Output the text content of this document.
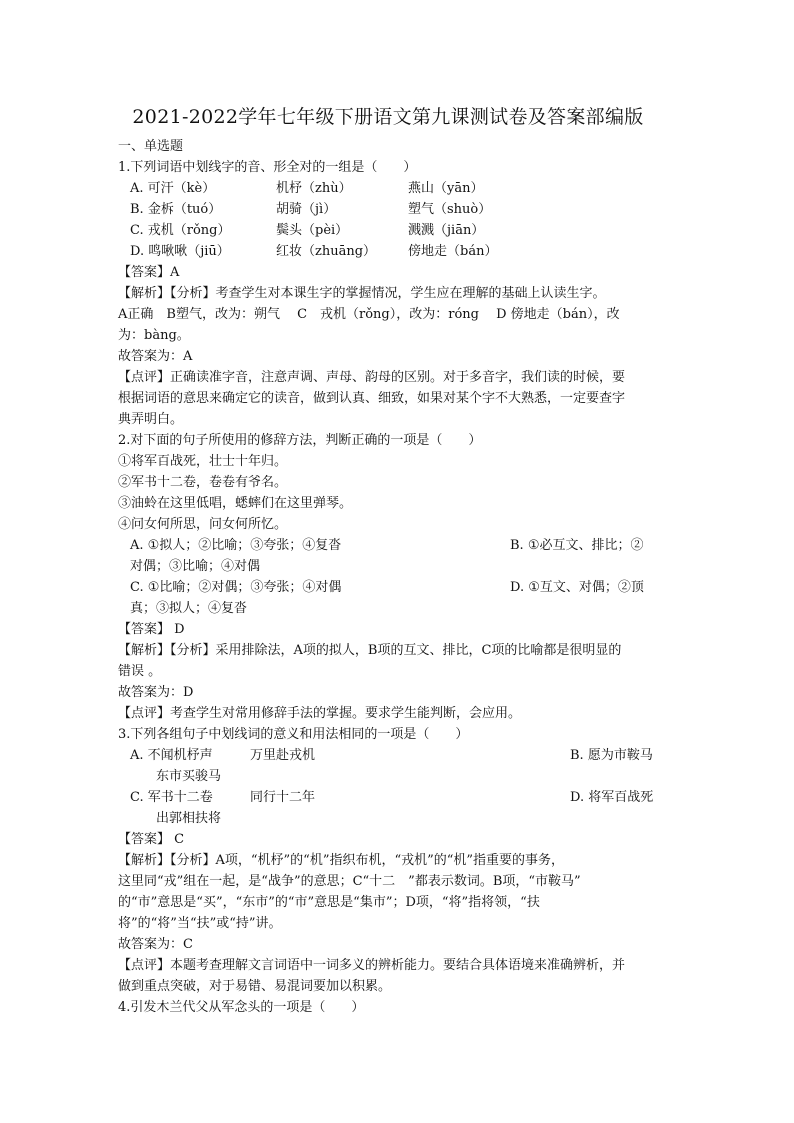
2021-2022学年七年级下册语文第九课测试卷及答案部编版
一、单选题
1.下列词语中划线字的音、形全对的一组是（　　）
A. 可汗（kè）	机杼（zhù）	燕山（yān）
B. 金柝（tuó）	胡骑（jì）	塑气（shuò）
C. 戎机（rǒng）	鬓头（pèi）	溅溅（jiān）
D. 鸣啾啾（jiū）	红妆（zhuāng）	傍地走（bán）
【答案】A
【解析】【分析】考查学生对本课生字的掌握情况，学生应在理解的基础上认读生字。
A正确　B塑气，改为：朔气　 C　戎机（rǒng），改为：róng　 D 傍地走（bán），改
为：bàng。
故答案为：A
【点评】正确读准字音，注意声调、声母、韵母的区别。对于多音字，我们读的时候，要
根据词语的意思来确定它的读音，做到认真、细致，如果对某个字不大熟悉，一定要查字
典弄明白。
2.对下面的句子所使用的修辞方法，判断正确的一项是（　　）
①将军百战死，壮士十年归。
②军书十二卷，卷卷有爷名。
③油蛉在这里低唱，蟋蟀们在这里弹琴。
④问女何所思，问女何所忆。
A. ①拟人；②比喻；③夸张；④复沓	B. ①必互文、排比；②
对偶；③比喻；④对偶
C. ①比喻；②对偶；③夸张；④对偶	D. ①互文、对偶；②顶
真；③拟人；④复沓
【答案】 D
【解析】【分析】采用排除法，A项的拟人，B项的互文、排比，C项的比喻都是很明显的
错误 。
故答案为：D
【点评】考查学生对常用修辞手法的掌握。要求学生能判断，会应用。
3.下列各组句子中划线词的意义和用法相同的一项是（　　）
A. 不闻机杼声	万里赴戎机	B. 愿为市鞍马
东市买骏马
C. 军书十二卷	同行十二年	D. 将军百战死
出郭相扶将
【答案】 C
【解析】【分析】A项，“机杼”的“机”指织布机，“戎机”的“机”指重要的事务，
这里同“戎”组在一起，是“战争”的意思；C“十二　”都表示数词。B项，“市鞍马”
的“市”意思是“买”，“东市”的“市”意思是“集市”；D项，“将”指将领，“扶
将”的“将”当“扶”或“持”讲。
故答案为：C
【点评】本题考查理解文言词语中一词多义的辨析能力。要结合具体语境来准确辨析，并
做到重点突破，对于易错、易混词要加以积累。
4.引发木兰代父从军念头的一项是（　　）
